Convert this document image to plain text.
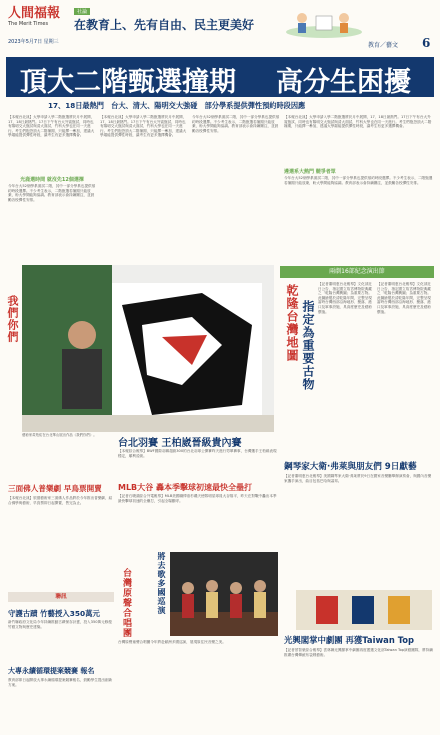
人間福報
The Merit Times
2023年5月7日 星期三
社論
在教育上、先有自由、民主更美好
教育／藝文 6
頂大二階甄選撞期 高分生困擾
17、18日最熱門　台大、清大、陽明交大強碰　部分學系提供彈性預約時段因應
【本報台北訊】大學申請入學二階甄選將於月中展開，17、18日最熱門。17日下午有台大外賓甄試，同時也有陽明交大甄試與清大面試，竹科大學也在同一天進行。考生們抱怨頂大二階撞期，只能擇一參加，建議大學端能提供彈性時段，讓考生有更多選擇機會。
光鹿選時間 就沒先12個選擇
今年台大52個學系面試二階，其中一部分學系也提供預約時段選擇。不少考生表示，二階甄選若撞期只能放棄，盼大學間能夠協調。教育部表示會持續關注，並鼓勵各校彈性安排。
【本報台北訊】大學申請入學二階甄選將於月中展開，17、18日最熱門。17日下午有台大外賓甄試，同時也有陽明交大甄試與清大面試，竹科大學也在同一天進行。考生們抱怨頂大二階撞期，只能擇一參加，建議大學端能提供彈性時段，讓考生有更多選擇機會。
今年台大52個學系面試二階，其中一部分學系也提供預約時段選擇。不少考生表示，二階甄選若撞期只能放棄，盼大學間能夠協調。教育部表示會持續關注，並鼓勵各校彈性安排。
【本報台北訊】大學申請入學二階甄選將於月中展開，17、18日最熱門。17日下午有台大外賓甄試，同時也有陽明交大甄試與清大面試，竹科大學也在同一天進行。考生們抱怨頂大二階撞期，只能擇一參加，建議大學端能提供彈性時段，讓考生有更多選擇機會。
遴選系大熱門 競爭者眾
今年台大52個學系面試二階，其中一部分學系也提供預約時段選擇。不少考生表示，二階甄選若撞期只能放棄，盼大學間能夠協調。教育部表示會持續關注，並鼓勵各校彈性安排。
我們你們
藝術家黃苑佑在台北華山展出作品《我們你們》。
兩劇16部紀念演出節
乾隆台灣地圖 指定為重要古物
【記者董明惠台北報導】文化部近日公告，指定國立故宮博物院典藏之「乾隆台灣輿圖」為重要古物。此圖繪製於清乾隆年間，完整呈現當時台灣西部沿海地形、聚落、港口及軍事設施，具高度歷史及藝術價值。
【記者董明惠台北報導】文化部近日公告，指定國立故宮博物院典藏之「乾隆台灣輿圖」為重要古物。此圖繪製於清乾隆年間，完整呈現當時台灣西部沿海地形、聚落、港口及軍事設施，具高度歷史及藝術價值。
台北羽賽 王柏崴晉級貴內賽
【本報綜合報導】BWF國際羽聯超級300的台北羽球公開賽昨天進行男單賽事，台灣選手王柏崴表現穩定，順利晉級。
MLB大谷 轟本季擊球初速最快全壘打
【記者石曉鴻綜合外電報導】MLB美國職棒洛杉磯天使隊明星球員大谷翔平，昨天在對戰中轟出本季最快擊球初速的全壘打，引起全場歡呼。
鋼琴家大衛·弗萊與朋友們 9日獻藝
【記者董明惠台北報導】美國鋼琴家大衛·弗萊將於9日在國家音樂廳舉辦演奏會，與國內音樂家攜手演出，曲目包括巴哈與蕭邦。
三面佛人普樂劇 早鳥票開賣
【本報台北訊】旅德藝術家三面佛人作品將於今年推出普樂劇，結合佛學與藝術，早鳥票即日起開賣，售完為止。
聯訊
守護古蹟 竹藝授入350萬元
新竹縣政府文化局今年持續推動古蹟保存計畫，投入350萬元修復竹藝文物與歷史建築。
大專永續循環提案競賽 報名
教育部即日起開放大專永續循環提案競賽報名，鼓勵學生提出創新方案。
將去歌多國巡演
台灣原聲合唱團
台灣原聲童聲合唱團今年將赴歐洲多國巡演，展現原住民音樂之美。	光興閣掌中劇團 再獲Taiwan Top
【記者蔡智豪綜合報導】雲林縣光興閣掌中劇團再度獲選文化部Taiwan Top演藝團隊，將持續推廣台灣傳統布袋戲藝術。
